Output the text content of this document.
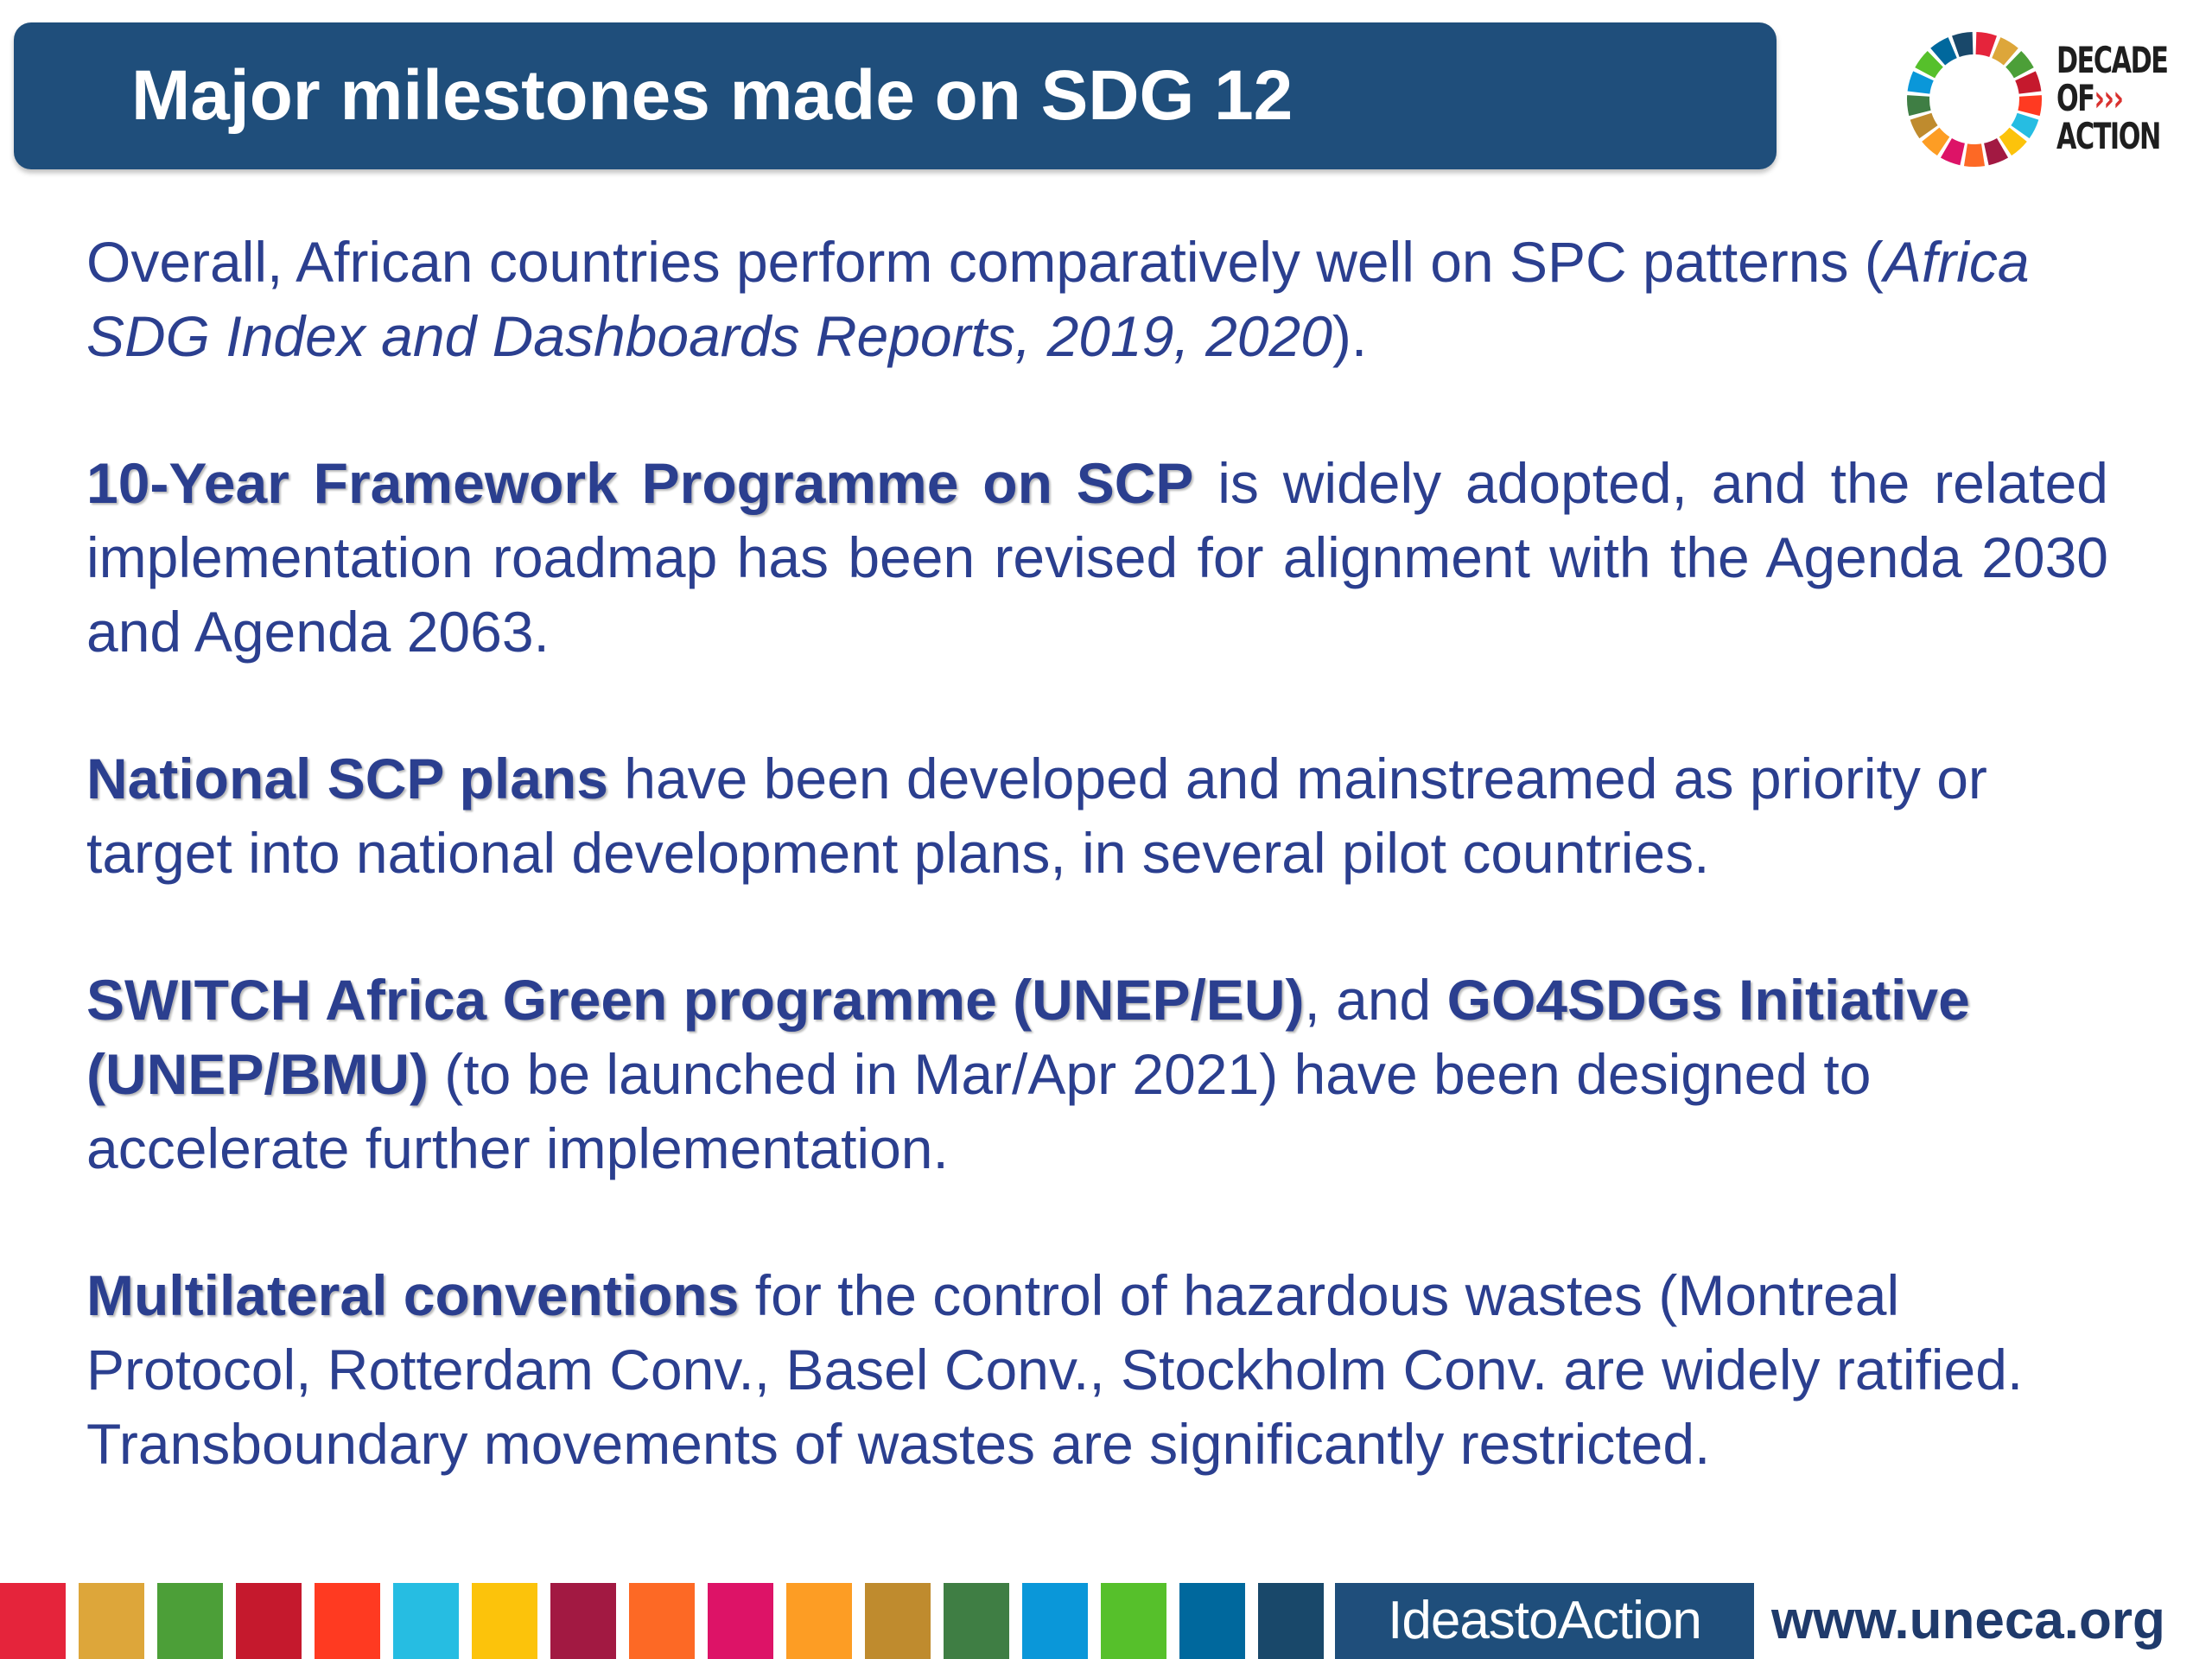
Major milestones made on SDG 12	DECADE
OF›››
ACTION

Overall, African countries perform comparatively well on SPC patterns (Africa SDG Index and Dashboards Reports, 2019, 2020).

10-Year Framework Programme on SCP is widely adopted, and the related implementation roadmap has been revised for alignment with the Agenda 2030 and Agenda 2063.

National SCP plans have been developed and mainstreamed as priority or target into national development plans, in several pilot countries.

SWITCH Africa Green programme (UNEP/EU), and GO4SDGs Initiative (UNEP/BMU) (to be launched in Mar/Apr 2021) have been designed to accelerate further implementation.

Multilateral conventions for the control of hazardous wastes (Montreal Protocol, Rotterdam Conv., Basel Conv., Stockholm Conv. are widely ratified. Transboundary movements of wastes are significantly restricted.

IdeastoAction	www.uneca.org
